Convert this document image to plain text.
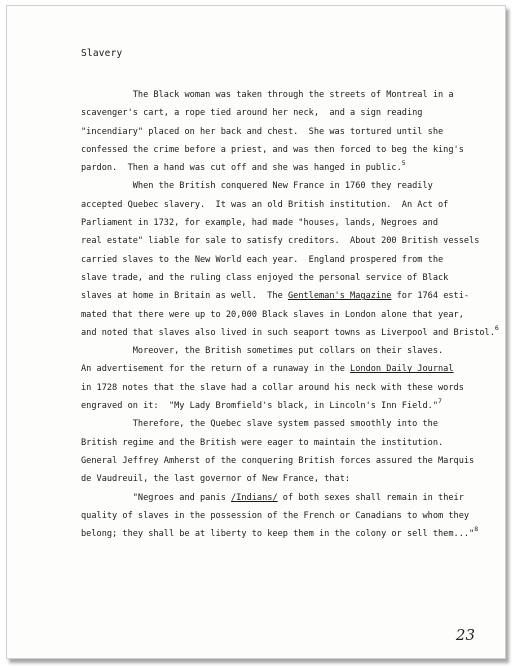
Slavery
The Black woman was taken through the streets of Montreal in a
scavenger's cart, a rope tied around her neck,  and a sign reading
"incendiary" placed on her back and chest.  She was tortured until she
confessed the crime before a priest, and was then forced to beg the king's
pardon.  Then a hand was cut off and she was hanged in public.$^5$
When the British conquered New France in 1760 they readily
accepted Quebec slavery.  It was an old British institution.  An Act of
Parliament in 1732, for example, had made "houses, lands, Negroes and
real estate" liable for sale to satisfy creditors.  About 200 British vessels
carried slaves to the New World each year.  England prospered from the
slave trade, and the ruling class enjoyed the personal service of Black
slaves at home in Britain as well.  The Gentleman's Magazine for 1764 esti-
mated that there were up to 20,000 Black slaves in London alone that year,
and noted that slaves also lived in such seaport towns as Liverpool and Bristol.$^6$
Moreover, the British sometimes put collars on their slaves.
An advertisement for the return of a runaway in the London Daily Journal
in 1728 notes that the slave had a collar around his neck with these words
engraved on it:  "My Lady Bromfield's black, in Lincoln's Inn Field."$^7$
Therefore, the Quebec slave system passed smoothly into the
British regime and the British were eager to maintain the institution.
General Jeffrey Amherst of the conquering British forces assured the Marquis
de Vaudreuil, the last governor of New France, that:
"Negroes and panis /Indians/ of both sexes shall remain in their
quality of slaves in the possession of the French or Canadians to whom they
belong; they shall be at liberty to keep them in the colony or sell them..."$^8$
23
